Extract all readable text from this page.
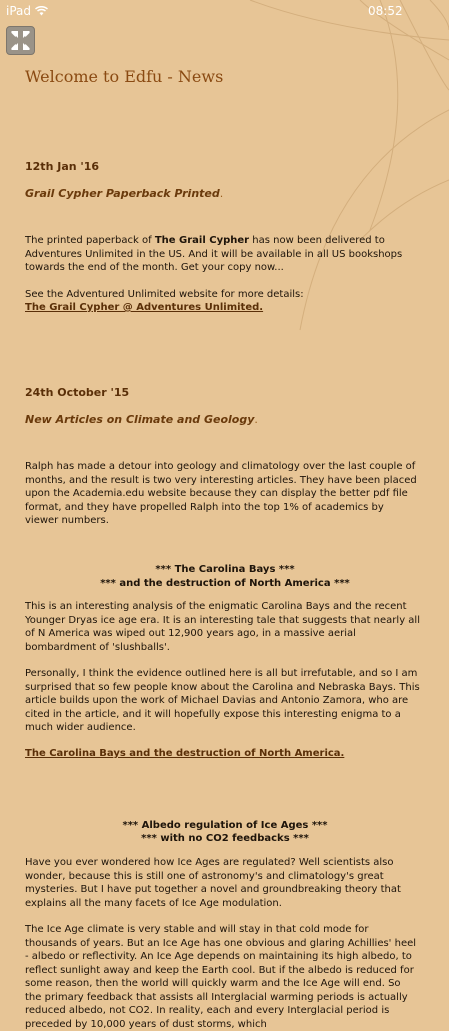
iPad	08:52
Welcome to Edfu - News
12th Jan '16
Grail Cypher Paperback Printed.

The printed paperback of The Grail Cypher has now been delivered to Adventures Unlimited in the US. And it will be available in all US bookshops towards the end of the month. Get your copy now...

See the Adventured Unlimited website for more details:

The Grail Cypher @ Adventures Unlimited.
24th October '15
New Articles on Climate and Geology.

Ralph has made a detour into geology and climatology over the last couple of months, and the result is two very interesting articles. They have been placed upon the Academia.edu website because they can display the better pdf file format, and they have propelled Ralph into the top 1% of academics by viewer numbers.

*** The Carolina Bays ***
*** and the destruction of North America ***

This is an interesting analysis of the enigmatic Carolina Bays and the recent Younger Dryas ice age era. It is an interesting tale that suggests that nearly all of N America was wiped out 12,900 years ago, in a massive aerial bombardment of 'slushballs'.

Personally, I think the evidence outlined here is all but irrefutable, and so I am surprised that so few people know about the Carolina and Nebraska Bays. This article builds upon the work of Michael Davias and Antonio Zamora, who are cited in the article, and it will hopefully expose this interesting enigma to a much wider audience.

The Carolina Bays and the destruction of North America.
*** Albedo regulation of Ice Ages ***
*** with no CO2 feedbacks ***

Have you ever wondered how Ice Ages are regulated? Well scientists also wonder, because this is still one of astronomy's and climatology's great mysteries. But I have put together a novel and groundbreaking theory that explains all the many facets of Ice Age modulation.

The Ice Age climate is very stable and will stay in that cold mode for thousands of years. But an Ice Age has one obvious and glaring Achillies' heel - albedo or reflectivity. An Ice Age depends on maintaining its high albedo, to reflect sunlight away and keep the Earth cool. But if the albedo is reduced for some reason, then the world will quickly warm and the Ice Age will end. So the primary feedback that assists all Interglacial warming periods is actually reduced albedo, not CO2. In reality, each and every Interglacial period is preceded by 10,000 years of dust storms, which
